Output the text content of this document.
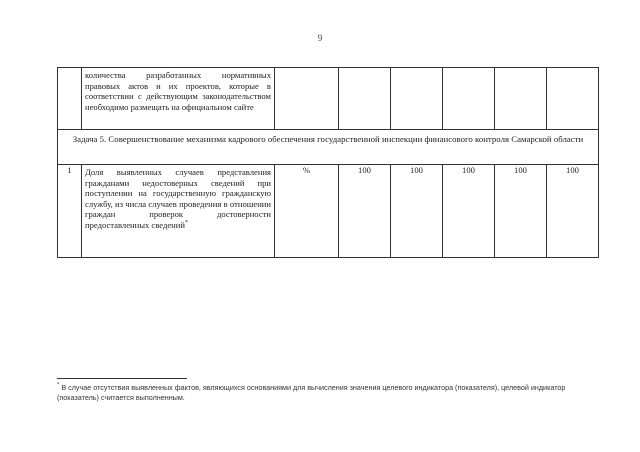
9

	количества разработанных нормативных правовых актов и их проектов, которые в соответствии с действующим законодательством необходимо размещать на официальном сайте						

Задача 5. Совершенствование механизма кадрового обеспечения государственной инспекции финансового контроля Самарской области							

1	Доля выявленных случаев представления гражданами недостоверных сведений при поступлении на государственную гражданскую службу, из числа случаев проведения в отношении граждан проверок достоверности предоставленных сведений*	%	100	100	100	100	100
* В случае отсутствия выявленных фактов, являющихся основаниями для вычисления значения целевого индикатора (показателя), целевой индикатор (показатель) считается выполненным.
